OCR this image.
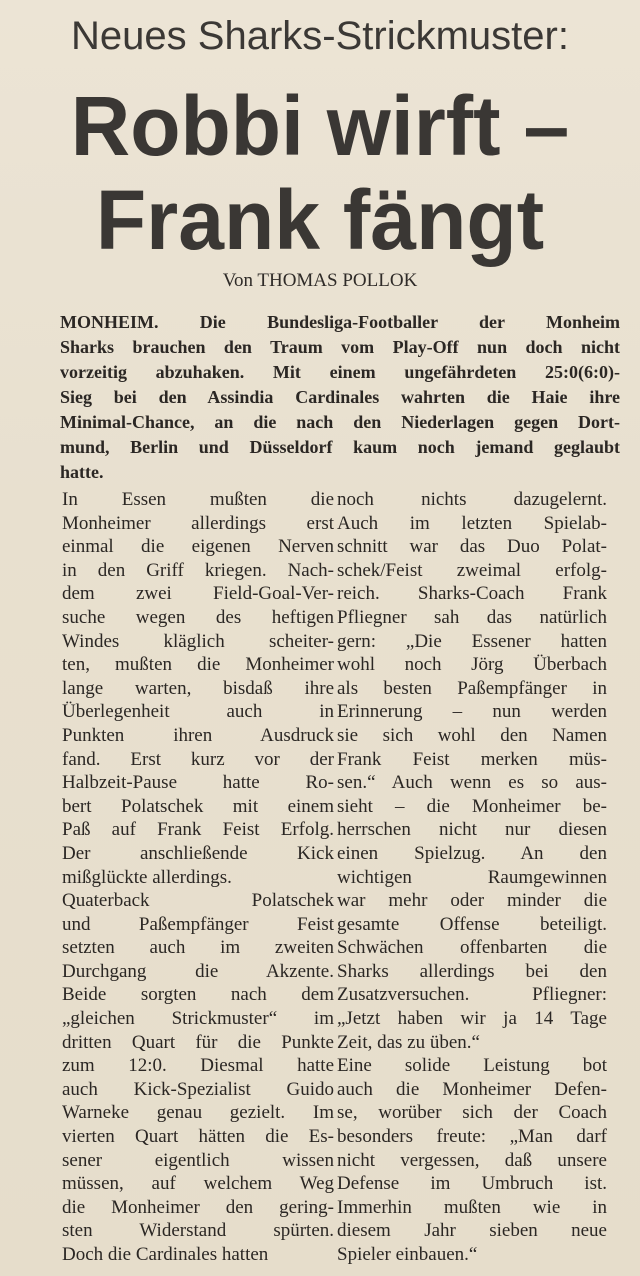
Neues Sharks-Strickmuster:
Robbi wirft –
Frank fängt
Von THOMAS POLLOK
MONHEIM. Die Bundesliga-Footballer der Monheim
Sharks brauchen den Traum vom Play-Off nun doch nicht
vorzeitig abzuhaken. Mit einem ungefährdeten 25:0(6:0)-
Sieg bei den Assindia Cardinales wahrten die Haie ihre
Minimal-Chance, an die nach den Niederlagen gegen Dort-
mund, Berlin und Düsseldorf kaum noch jemand geglaubt
hatte.
In Essen mußten die
Monheimer allerdings erst
einmal die eigenen Nerven
in den Griff kriegen. Nach-
dem zwei Field-Goal-Ver-
suche wegen des heftigen
Windes kläglich scheiter-
ten, mußten die Monheimer
lange warten, bisdaß ihre
Überlegenheit auch in
Punkten ihren Ausdruck
fand. Erst kurz vor der
Halbzeit-Pause hatte Ro-
bert Polatschek mit einem
Paß auf Frank Feist Erfolg.
Der anschließende Kick
mißglückte allerdings.
Quaterback Polatschek
und Paßempfänger Feist
setzten auch im zweiten
Durchgang die Akzente.
Beide sorgten nach dem
„gleichen Strickmuster“ im
dritten Quart für die Punkte
zum 12:0. Diesmal hatte
auch Kick-Spezialist Guido
Warneke genau gezielt. Im
vierten Quart hätten die Es-
sener eigentlich wissen
müssen, auf welchem Weg
die Monheimer den gering-
sten Widerstand spürten.
Doch die Cardinales hatten
noch nichts dazugelernt.
Auch im letzten Spielab-
schnitt war das Duo Polat-
schek/Feist zweimal erfolg-
reich. Sharks-Coach Frank
Pfliegner sah das natürlich
gern: „Die Essener hatten
wohl noch Jörg Überbach
als besten Paßempfänger in
Erinnerung – nun werden
sie sich wohl den Namen
Frank Feist merken müs-
sen.“ Auch wenn es so aus-
sieht – die Monheimer be-
herrschen nicht nur diesen
einen Spielzug. An den
wichtigen Raumgewinnen
war mehr oder minder die
gesamte Offense beteiligt.
Schwächen offenbarten die
Sharks allerdings bei den
Zusatzversuchen. Pfliegner:
„Jetzt haben wir ja 14 Tage
Zeit, das zu üben.“
Eine solide Leistung bot
auch die Monheimer Defen-
se, worüber sich der Coach
besonders freute: „Man darf
nicht vergessen, daß unsere
Defense im Umbruch ist.
Immerhin mußten wie in
diesem Jahr sieben neue
Spieler einbauen.“
